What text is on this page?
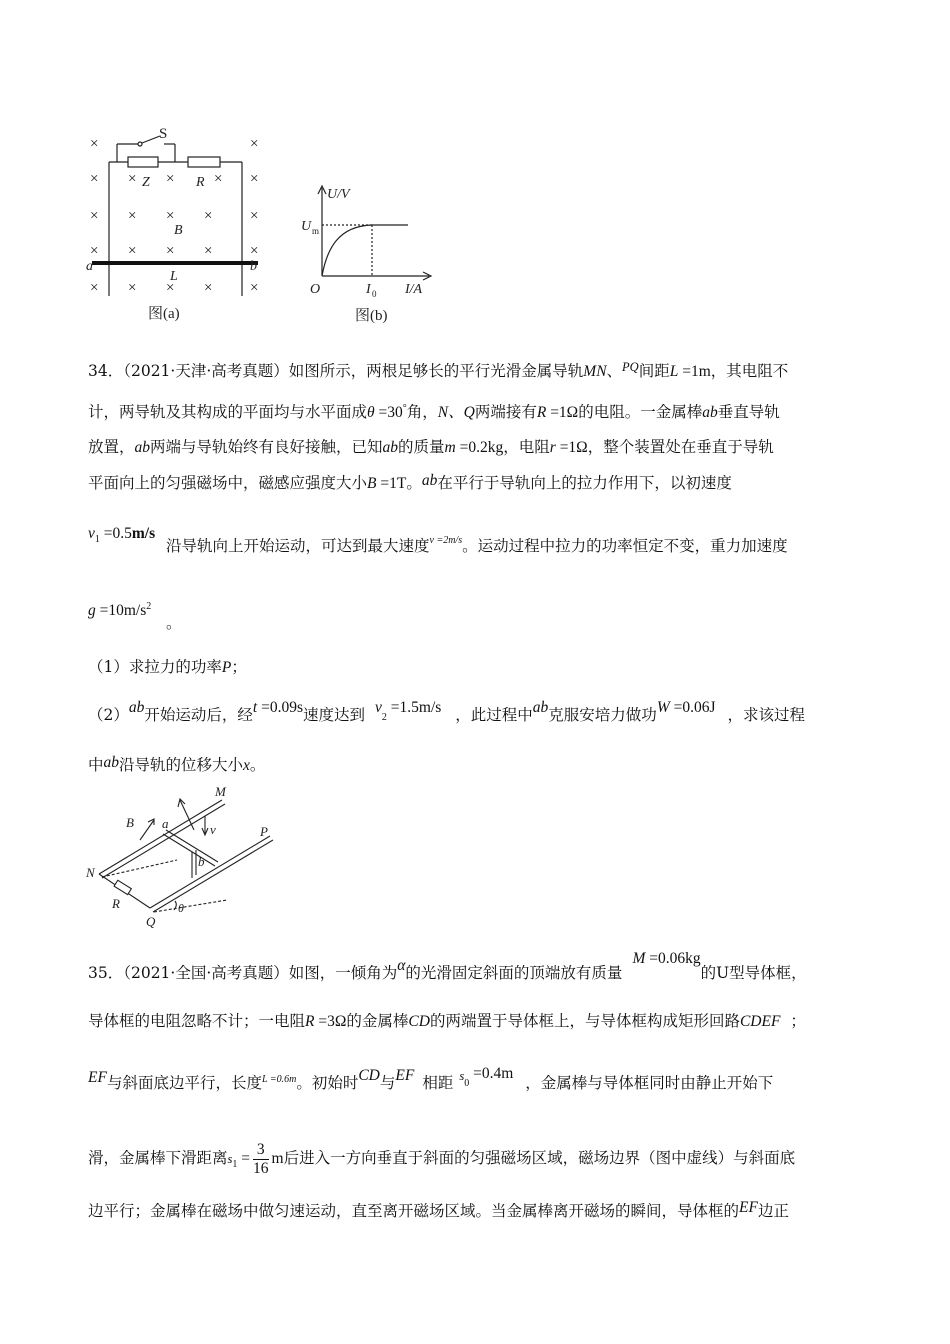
×	×
× × ×	× ×
× × × ×	×
× × × ×	×
× × × ×	×
S
Z	R
B
a	b
L
图(a)
U/V
U m
O	I 0 I/A
图(b)
34．（2021·天津·高考真题）如图所示，两根足够长的平行光滑金属导轨MN、$^{PQ}$间距L =1m，其电阻不
计，两导轨及其构成的平面均与水平面成θ =30°角，N、Q两端接有R =1Ω的电阻。一金属棒ab垂直导轨
放置，ab两端与导轨始终有良好接触，已知ab的质量m =0.2kg，电阻r =1Ω，整个装置处在垂直于导轨
平面向上的匀强磁场中，磁感应强度大小B =1T。ab在平行于导轨向上的拉力作用下，以初速度
$v_1 =0.5m/s$
沿导轨向上开始运动，可达到最大速度$^{v =2m/s}$。运动过程中拉力的功率恒定不变，重力加速度
$g =10m/s^2$
。
（1）求拉力的功率P；
（2）ab开始运动后，经t =0.09s速度达到 $v_2 =1.5m/s$ ，此过程中ab克服安培力做功W =0.06J ，求该过程
中ab沿导轨的位移大小x。
M
P
B a	v
b
N
R
Q
θ
35．（2021·全国·高考真题）如图，一倾角为α的光滑固定斜面的顶端放有质量M =0.06kg的U型导体框，
导体框的电阻忽略不计；一电阻R =3Ω的金属棒CD的两端置于导体框上，与导体框构成矩形回路CDEF ；
EF与斜面底边平行，长度$^{L =0.6m}$。初始时CD与EF 相距 $^s_0$ =0.4m，金属棒与导体框同时由静止开始下
滑，金属棒下滑距离$s_1 = \frac{3}{16}$ m后进入一方向垂直于斜面的匀强磁场区域，磁场边界（图中虚线）与斜面底
边平行；金属棒在磁场中做匀速运动，直至离开磁场区域。当金属棒离开磁场的瞬间，导体框的EF边正
